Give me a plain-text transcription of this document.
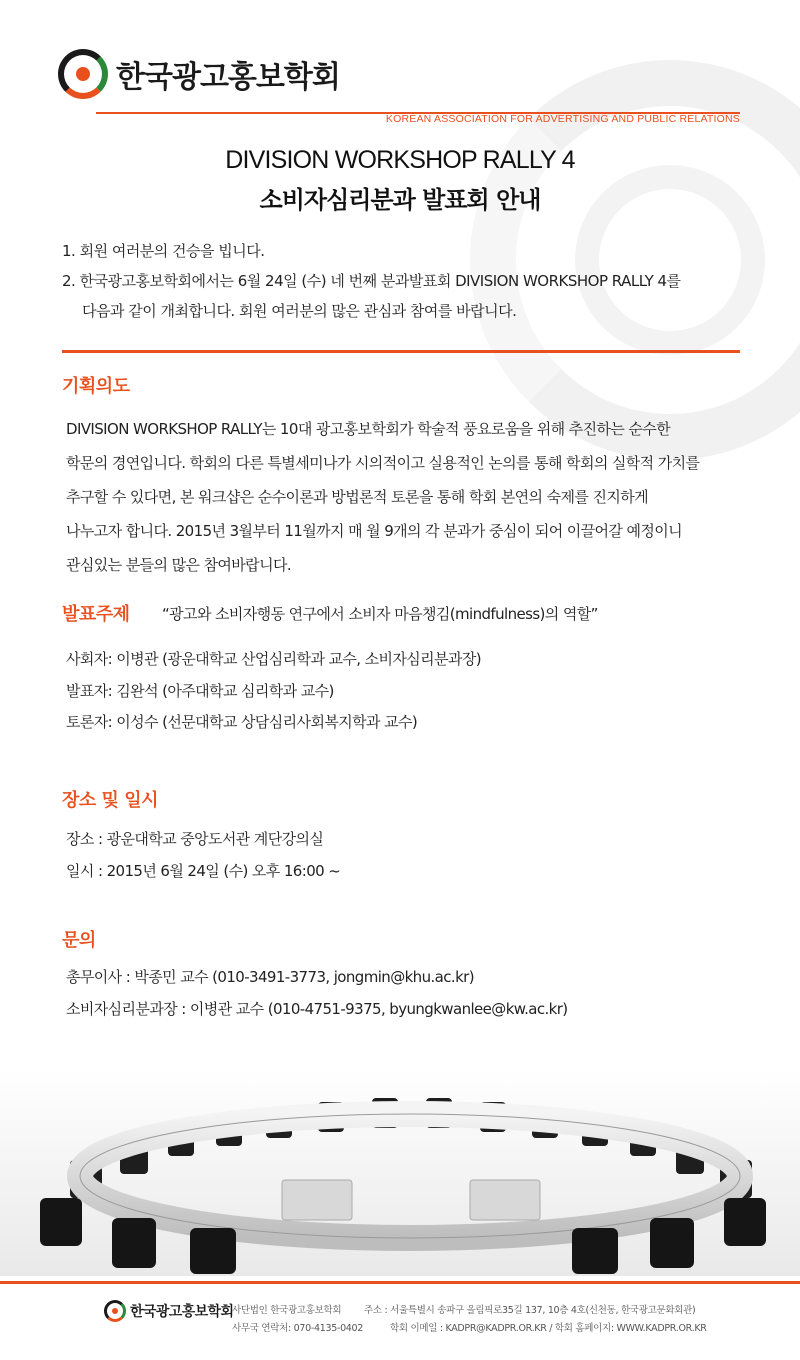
한국광고홍보학회
KOREAN ASSOCIATION FOR ADVERTISING AND PUBLIC RELATIONS
DIVISION WORKSHOP RALLY 4
소비자심리분과 발표회 안내
1. 회원 여러분의 건승을 빕니다.
2. 한국광고홍보학회에서는 6월 24일 (수) 네 번째 분과발표회 DIVISION WORKSHOP RALLY 4를
다음과 같이 개최합니다. 회원 여러분의 많은 관심과 참여를 바랍니다.
기획의도
DIVISION WORKSHOP RALLY는 10대 광고홍보학회가 학술적 풍요로움을 위해 추진하는 순수한
학문의 경연입니다. 학회의 다른 특별세미나가 시의적이고 실용적인 논의를 통해 학회의 실학적 가치를
추구할 수 있다면, 본 워크샵은 순수이론과 방법론적 토론을 통해 학회 본연의 숙제를 진지하게
나누고자 합니다. 2015년 3월부터 11월까지 매 월 9개의 각 분과가 중심이 되어 이끌어갈 예정이니
관심있는 분들의 많은 참여바랍니다.
발표주제 “광고와 소비자행동 연구에서 소비자 마음챙김(mindfulness)의 역할”
사회자: 이병관 (광운대학교 산업심리학과 교수, 소비자심리분과장)
발표자: 김완석 (아주대학교 심리학과 교수)
토론자: 이성수 (선문대학교 상담심리사회복지학과 교수)
장소 및 일시
장소 : 광운대학교 중앙도서관 계단강의실
일시 : 2015년 6월 24일 (수) 오후 16:00 ~
문의
총무이사 : 박종민 교수 (010-3491-3773, jongmin@khu.ac.kr)
소비자심리분과장 : 이병관 교수 (010-4751-9375, byungkwanlee@kw.ac.kr)
한국광고홍보학회
사단법인 한국광고홍보학회 주소 : 서울특별시 송파구 올림픽로35길 137, 10층 4호(신천동, 한국광고문화회관)
사무국 연락처: 070-4135-0402	학회 이메일 : KADPR@KADPR.OR.KR / 학회 홈페이지: WWW.KADPR.OR.KR
